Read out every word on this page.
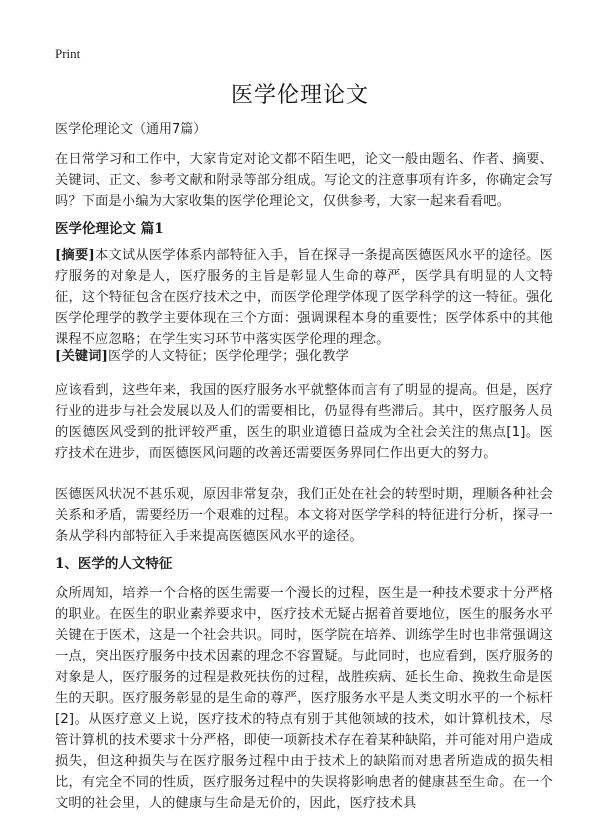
Print
医学伦理论文
医学伦理论文（通用7篇）
在日常学习和工作中，大家肯定对论文都不陌生吧，论文一般由题名、作者、摘要、关键词、正文、参考文献和附录等部分组成。写论文的注意事项有许多，你确定会写吗？下面是小编为大家收集的医学伦理论文，仅供参考，大家一起来看看吧。
医学伦理论文 篇1
[摘要]本文试从医学体系内部特征入手，旨在探寻一条提高医德医风水平的途径。医疗服务的对象是人，医疗服务的主旨是彰显人生命的尊严，医学具有明显的人文特征，这个特征包含在医疗技术之中，而医学伦理学体现了医学科学的这一特征。强化医学伦理学的教学主要体现在三个方面：强调课程本身的重要性；医学体系中的其他课程不应忽略；在学生实习环节中落实医学伦理的理念。
[关键词]医学的人文特征；医学伦理学；强化教学
应该看到，这些年来，我国的医疗服务水平就整体而言有了明显的提高。但是，医疗行业的进步与社会发展以及人们的需要相比，仍显得有些滞后。其中，医疗服务人员的医德医风受到的批评较严重，医生的职业道德日益成为全社会关注的焦点[1]。医疗技术在进步，而医德医风问题的改善还需要医务界同仁作出更大的努力。
医德医风状况不甚乐观，原因非常复杂，我们正处在社会的转型时期，理顺各种社会关系和矛盾，需要经历一个艰难的过程。本文将对医学学科的特征进行分析，探寻一条从学科内部特征入手来提高医德医风水平的途径。
1、医学的人文特征
众所周知，培养一个合格的医生需要一个漫长的过程，医生是一种技术要求十分严格的职业。在医生的职业素养要求中，医疗技术无疑占据着首要地位，医生的服务水平关键在于医术，这是一个社会共识。同时，医学院在培养、训练学生时也非常强调这一点，突出医疗服务中技术因素的理念不容置疑。与此同时，也应看到，医疗服务的对象是人，医疗服务的过程是救死扶伤的过程，战胜疾病、延长生命、挽救生命是医生的天职。医疗服务彰显的是生命的尊严，医疗服务水平是人类文明水平的一个标杆[2]。从医疗意义上说，医疗技术的特点有别于其他领域的技术，如计算机技术，尽管计算机的技术要求十分严格，即使一项新技术存在着某种缺陷，并可能对用户造成损失，但这种损失与在医疗服务过程中由于技术上的缺陷而对患者所造成的损失相比，有完全不同的性质，医疗服务过程中的失误将影响患者的健康甚至生命。在一个文明的社会里，人的健康与生命是无价的，因此，医疗技术具
